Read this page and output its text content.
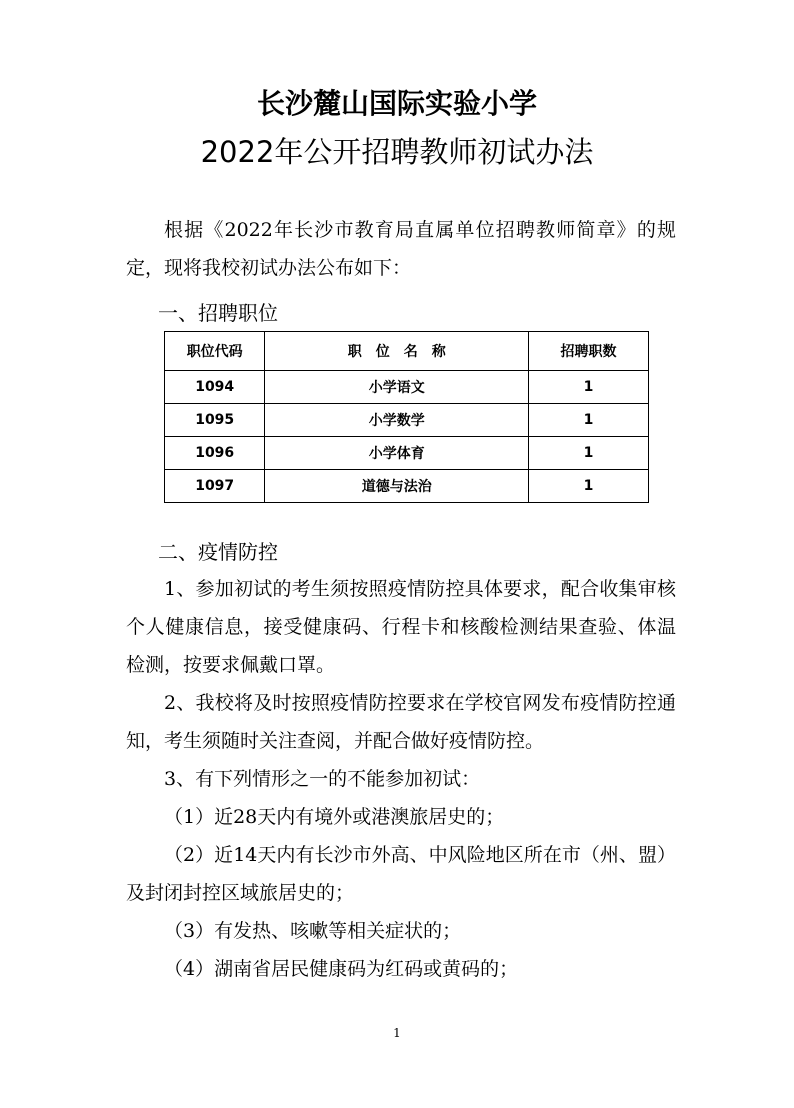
长沙麓山国际实验小学
2022年公开招聘教师初试办法
根据《2022年长沙市教育局直属单位招聘教师简章》的规定，现将我校初试办法公布如下：
一、招聘职位
职位代码	职　位　名　称	招聘职数
1094	小学语文	1
1095	小学数学	1
1096	小学体育	1
1097	道德与法治	1
二、疫情防控
1、参加初试的考生须按照疫情防控具体要求，配合收集审核个人健康信息，接受健康码、行程卡和核酸检测结果查验、体温检测，按要求佩戴口罩。
2、我校将及时按照疫情防控要求在学校官网发布疫情防控通知，考生须随时关注查阅，并配合做好疫情防控。
3、有下列情形之一的不能参加初试：
（1）近28天内有境外或港澳旅居史的；
（2）近14天内有长沙市外高、中风险地区所在市（州、盟）及封闭封控区域旅居史的；
（3）有发热、咳嗽等相关症状的；
（4）湖南省居民健康码为红码或黄码的；
1
